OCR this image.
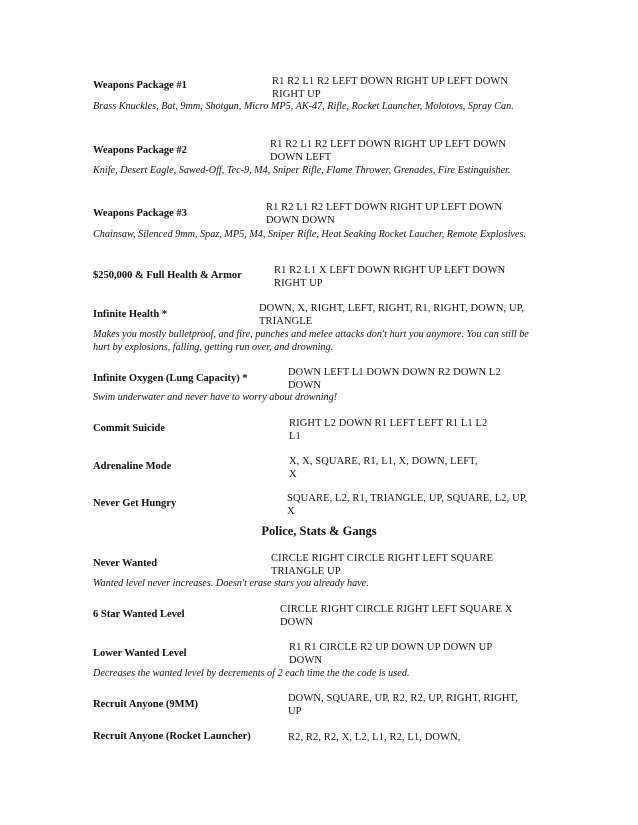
R1 R2 L1 R2 LEFT DOWN RIGHT UP LEFT DOWN
RIGHT UP
Weapons Package #1
Brass Knuckles, Bat, 9mm, Shotgun, Micro MP5, AK-47, Rifle, Rocket Launcher, Molotovs, Spray Can.
R1 R2 L1 R2 LEFT DOWN RIGHT UP LEFT DOWN
DOWN LEFT
Weapons Package #2
Knife, Desert Eagle, Sawed-Off, Tec-9, M4, Sniper Rifle, Flame Thrower, Grenades, Fire Estinguisher.
R1 R2 L1 R2 LEFT DOWN RIGHT UP LEFT DOWN
DOWN DOWN
Weapons Package #3
Chainsaw, Silenced 9mm, Spaz, MP5, M4, Sniper Rifle, Heat Seaking Rocket Laucher, Remote Explosives.
R1 R2 L1 X LEFT DOWN RIGHT UP LEFT DOWN
RIGHT UP
$250,000 & Full Health & Armor
DOWN, X, RIGHT, LEFT, RIGHT, R1, RIGHT, DOWN, UP,
TRIANGLE
Infinite Health *
Makes you mostly bulletproof, and fire, punches and melee attacks don't hurt you anymore. You can still be hurt by explosions, falling, getting run over, and drowning.
DOWN LEFT L1 DOWN DOWN R2 DOWN L2
DOWN
Infinite Oxygen (Lung Capacity) *
Swim underwater and never have to worry about drowning!
RIGHT L2 DOWN R1 LEFT LEFT R1 L1 L2
L1
Commit Suicide
X, X, SQUARE, R1, L1, X, DOWN, LEFT,
X
Adrenaline Mode
SQUARE, L2, R1, TRIANGLE, UP, SQUARE, L2, UP,
X
Never Get Hungry
Police, Stats & Gangs
CIRCLE RIGHT CIRCLE RIGHT LEFT SQUARE
TRIANGLE UP
Never Wanted
Wanted level never increases. Doesn't erase stars you already have.
CIRCLE RIGHT CIRCLE RIGHT LEFT SQUARE X
DOWN
6 Star Wanted Level
R1 R1 CIRCLE R2 UP DOWN UP DOWN UP
DOWN
Lower Wanted Level
Decreases the wanted level by decrements of 2 each time the the code is used.
DOWN, SQUARE, UP, R2, R2, UP, RIGHT, RIGHT,
UP
Recruit Anyone (9MM)
R2, R2, R2, X, L2, L1, R2, L1, DOWN,
Recruit Anyone (Rocket Launcher)
